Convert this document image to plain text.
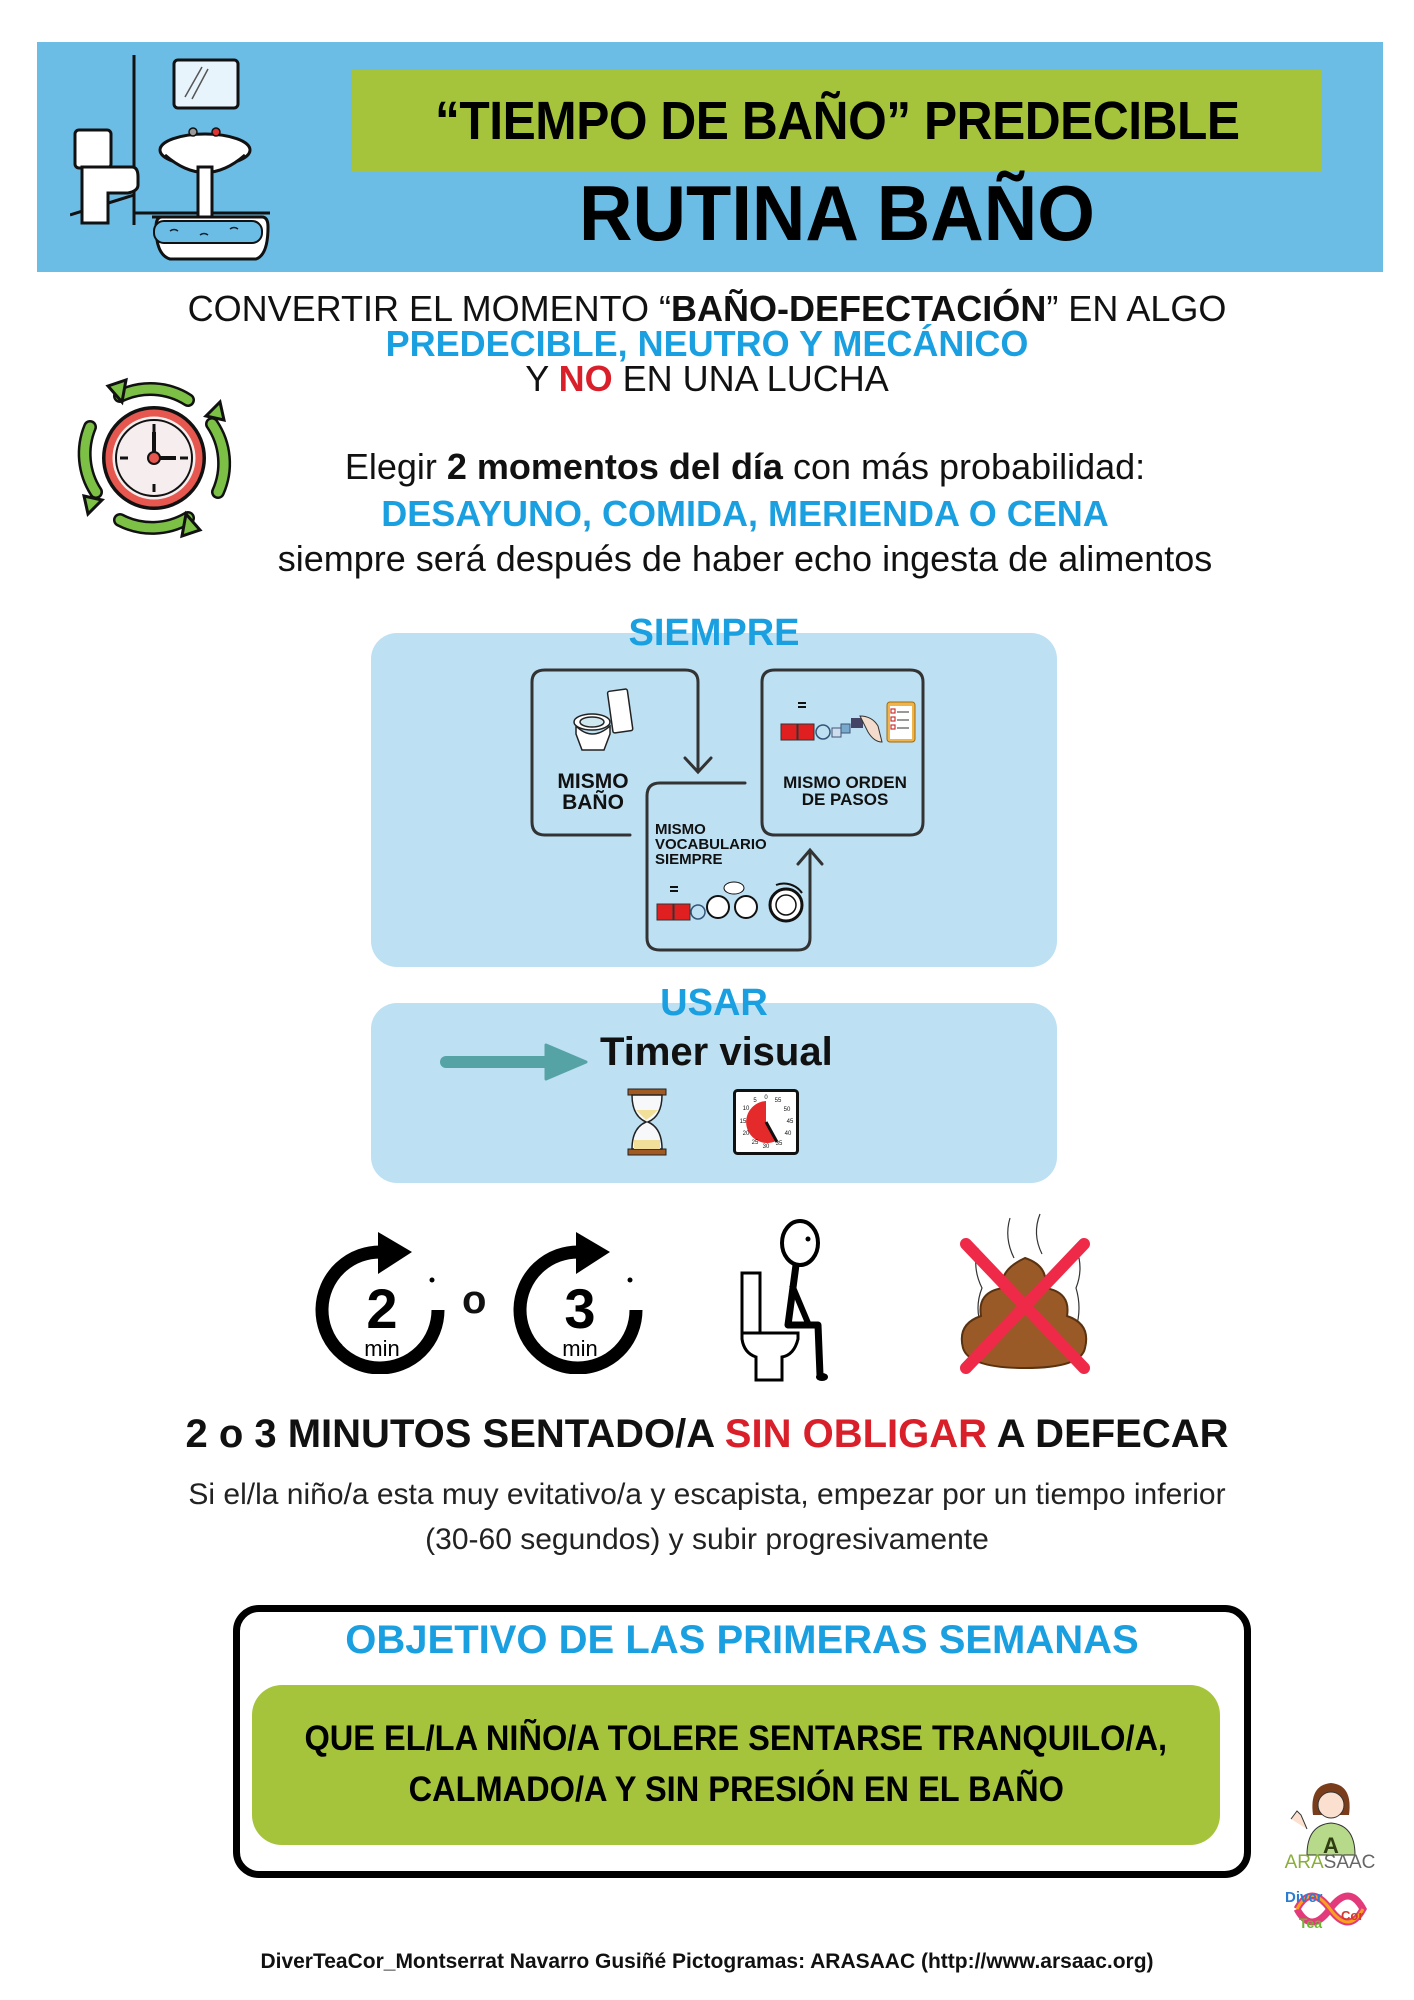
“TIEMPO DE BAÑO” PREDECIBLE
RUTINA BAÑO
CONVERTIR EL MOMENTO “BAÑO-DEFECTACIÓN” EN ALGO
PREDECIBLE, NEUTRO Y MECÁNICO
Y NO EN UNA LUCHA
Elegir 2 momentos del día con más probabilidad:
DESAYUNO, COMIDA, MERIENDA O CENA
siempre será después de haber echo ingesta de alimentos
SIEMPRE
MISMO
BAÑO
MISMO ORDEN
DE PASOS
MISMO
VOCABULARIO
SIEMPRE
USAR
Timer visual
0
5
10
15
20
25
30 35
40
45
50
55
2
min
o 3
min
2 o 3 MINUTOS SENTADO/A SIN OBLIGAR A DEFECAR
Si el/la niño/a esta muy evitativo/a y escapista, empezar por un tiempo inferior
(30-60 segundos) y subir progresivamente
OBJETIVO DE LAS PRIMERAS SEMANAS
QUE EL/LA NIÑO/A TOLERE SENTARSE TRANQUILO/A,
CALMADO/A Y SIN PRESIÓN EN EL BAÑO
A
ARASAAC
Diver
Tea Cor
DiverTeaCor_Montserrat Navarro Gusiñé Pictogramas: ARASAAC (http://www.arsaac.org)
